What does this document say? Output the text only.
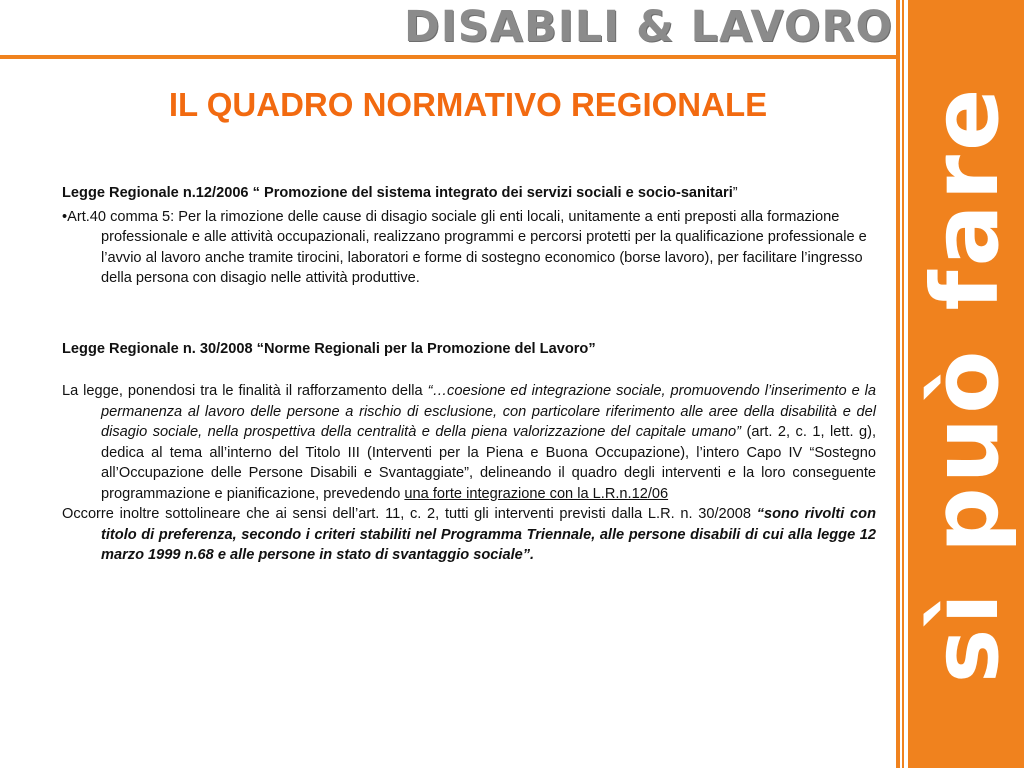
DISABILI & LAVORO
sì può fare
IL QUADRO NORMATIVO REGIONALE

Legge Regionale n.12/2006 “ Promozione del sistema integrato dei servizi sociali e socio-sanitari”

•Art.40 comma 5: Per la rimozione delle cause di disagio sociale gli enti locali, unitamente a enti preposti alla formazione professionale e alle attività occupazionali, realizzano programmi e percorsi protetti per la qualificazione professionale e l’avvio al lavoro anche tramite tirocini, laboratori e forme di sostegno economico (borse lavoro), per facilitare l’ingresso della persona con disagio nelle attività produttive.

Legge Regionale n. 30/2008 “Norme Regionali per la Promozione del Lavoro”

La legge, ponendosi tra le finalità il rafforzamento della “…coesione ed integrazione sociale, promuovendo l’inserimento e la permanenza al lavoro delle persone a rischio di esclusione, con particolare riferimento alle aree della disabilità e del disagio sociale, nella prospettiva della centralità e della piena valorizzazione del capitale umano” (art. 2, c. 1, lett. g), dedica al tema all’interno del Titolo III (Interventi per la Piena e Buona Occupazione), l’intero Capo IV “Sostegno all’Occupazione delle Persone Disabili e Svantaggiate”, delineando il quadro degli interventi e la loro conseguente programmazione e pianificazione, prevedendo una forte integrazione con la L.R.n.12/06

Occorre inoltre sottolineare che ai sensi dell’art. 11, c. 2, tutti gli interventi previsti dalla L.R. n. 30/2008 “sono rivolti con titolo di preferenza, secondo i criteri stabiliti nel Programma Triennale, alle persone disabili di cui alla legge 12 marzo 1999 n.68 e alle persone in stato di svantaggio sociale”.
